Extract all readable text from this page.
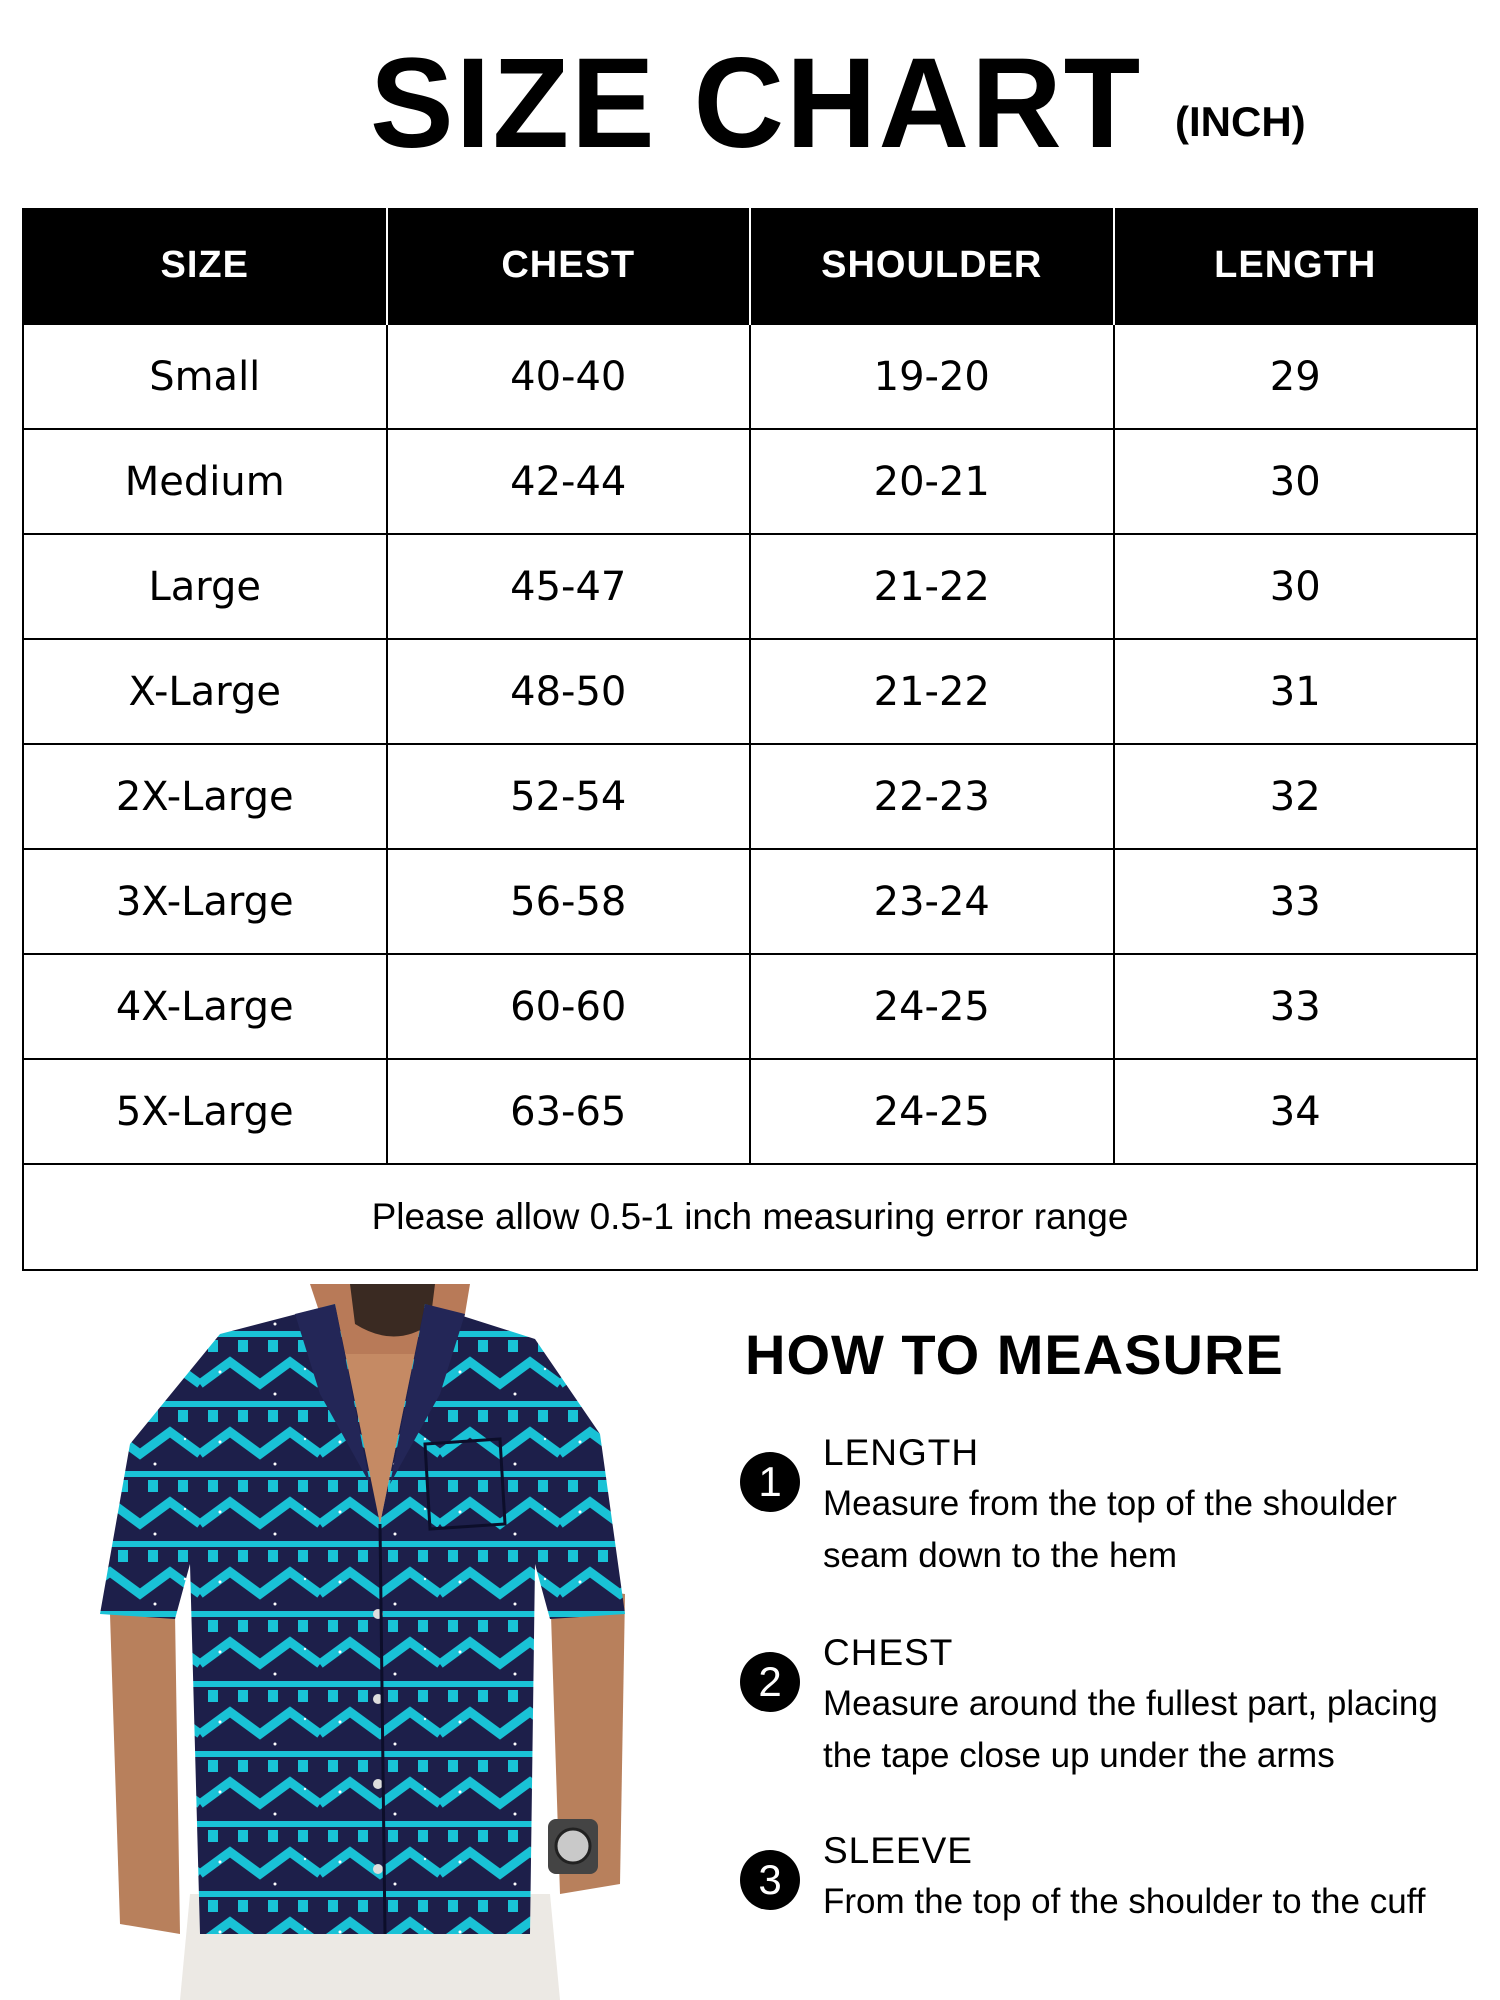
SIZE CHART (INCH)
SIZE	CHEST	SHOULDER	LENGTH
Small	40-40	19-20	29
Medium	42-44	20-21	30
Large	45-47	21-22	30
X-Large	48-50	21-22	31
2X-Large	52-54	22-23	32
3X-Large	56-58	23-24	33
4X-Large	60-60	24-25	33
5X-Large	63-65	24-25	34
Please allow 0.5-1 inch measuring error range			
HOW TO MEASURE
1
LENGTH
Measure from the top of the shoulder seam down to the hem
2
CHEST
Measure around the fullest part, placing the tape close up under the arms
3
SLEEVE
From the top of the shoulder to the cuff
